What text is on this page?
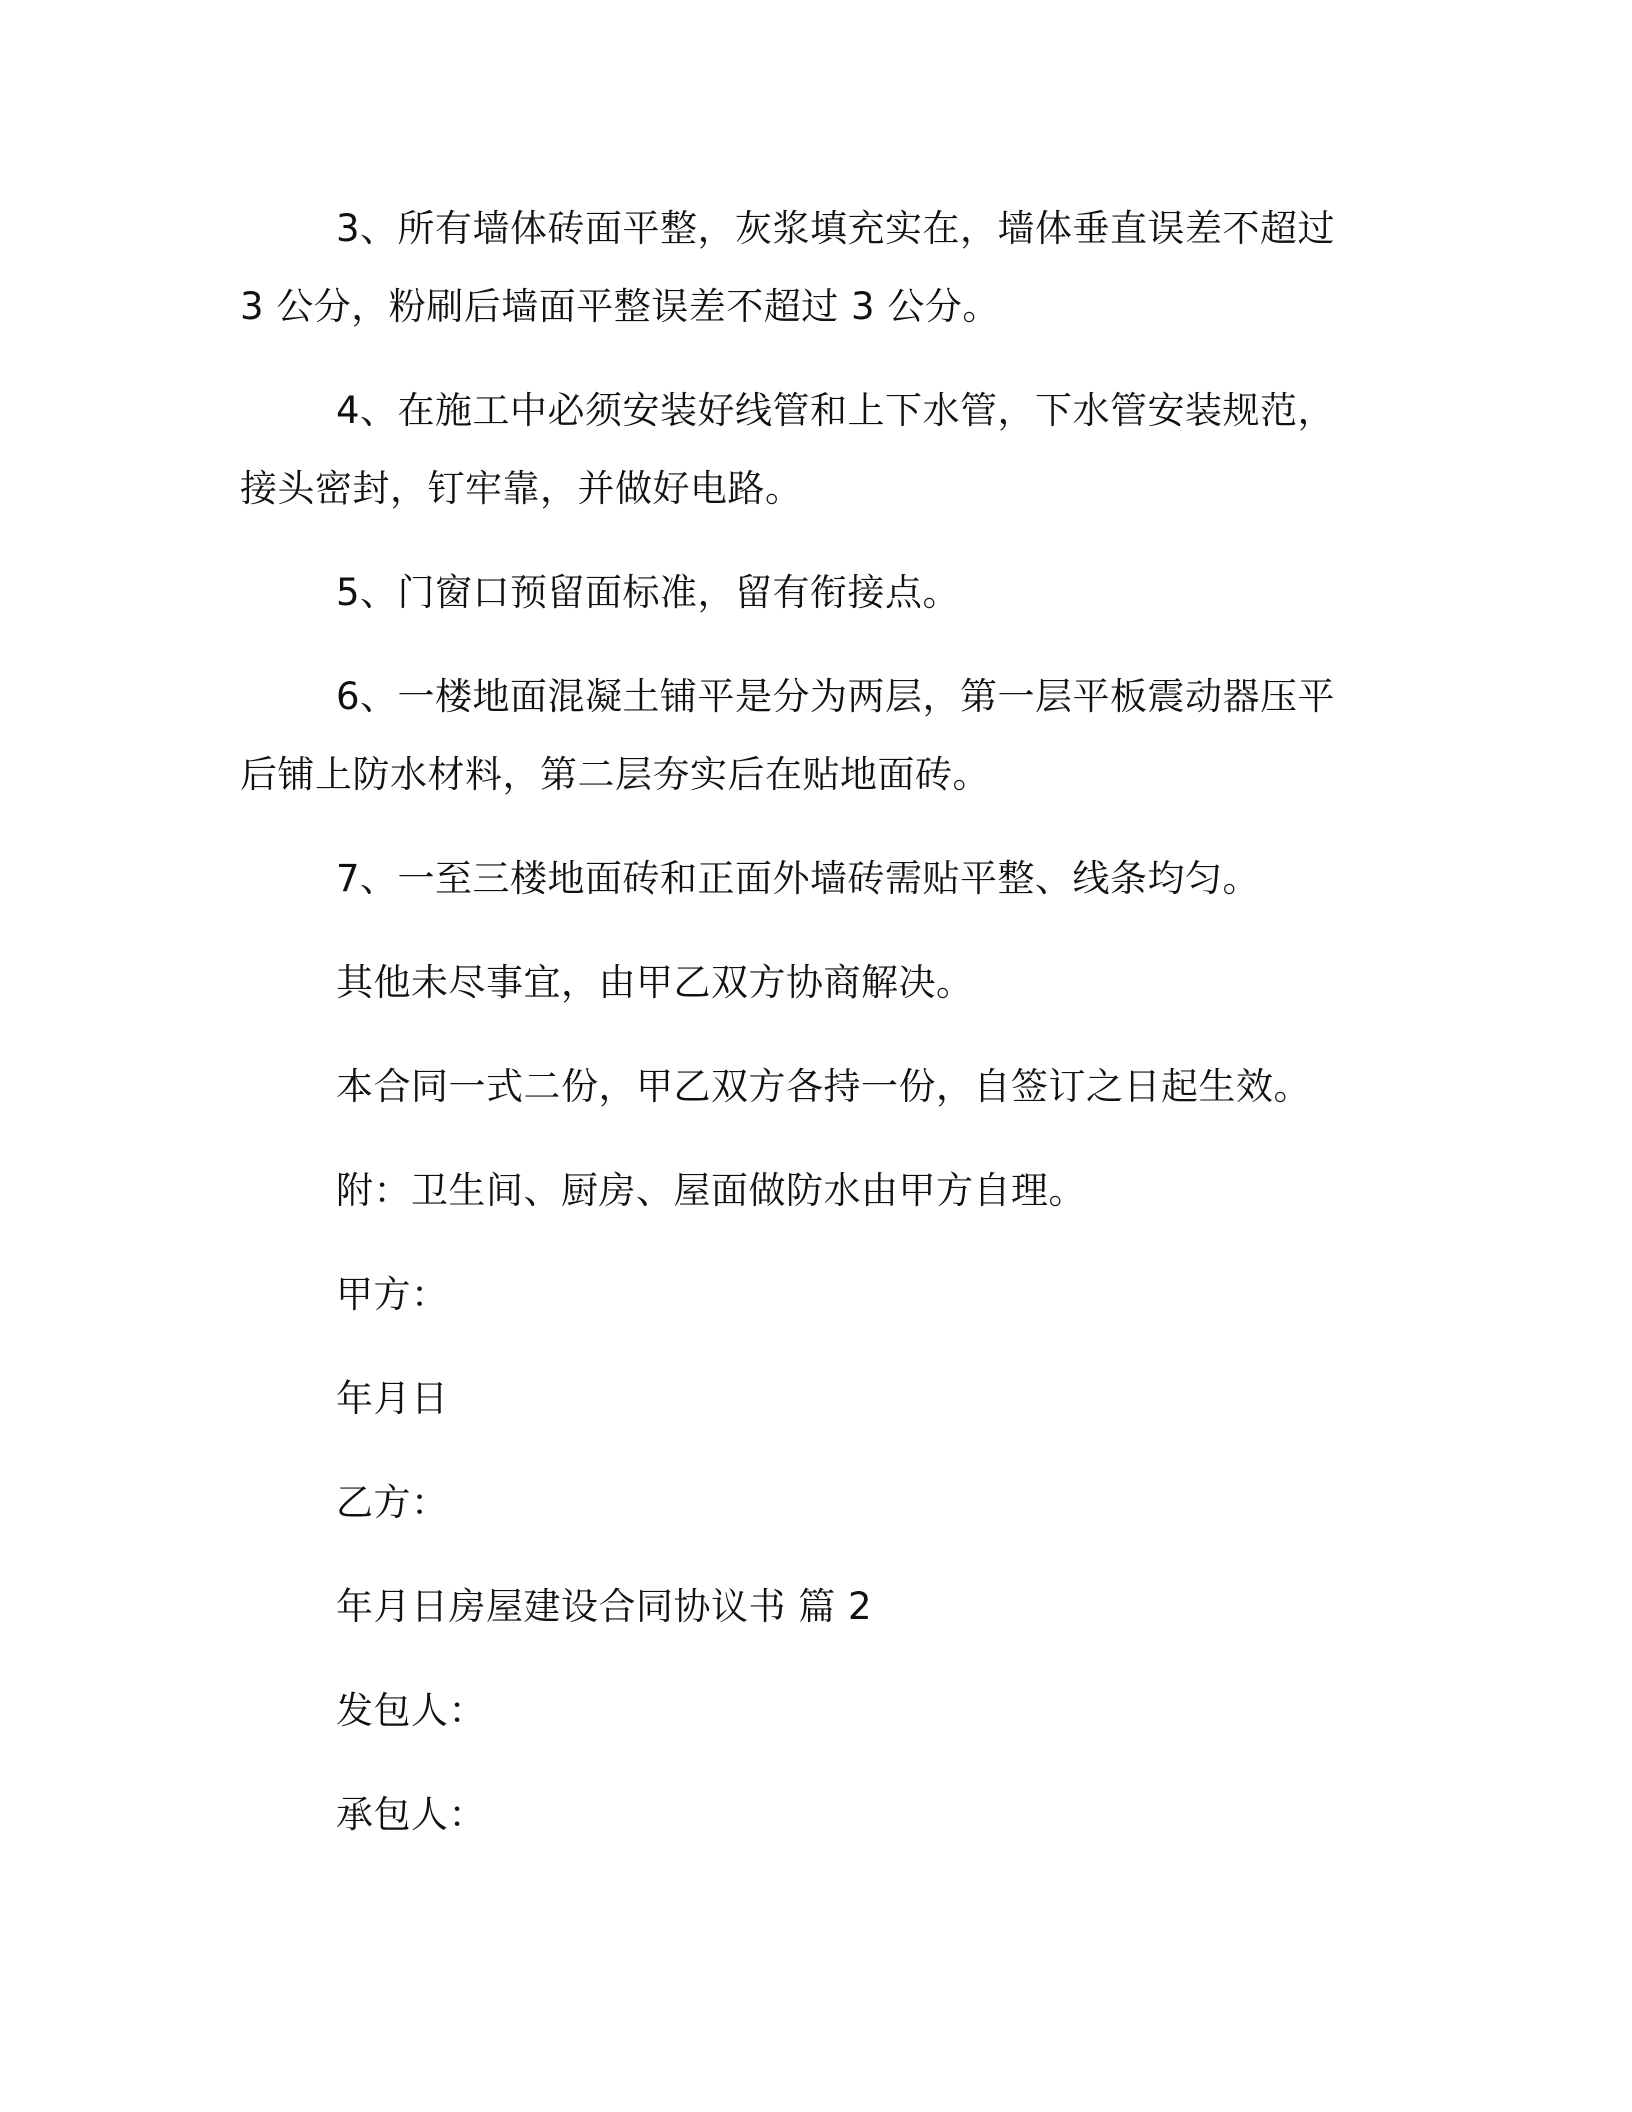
3、所有墙体砖面平整，灰浆填充实在，墙体垂直误差不超过 3 公分，粉刷后墙面平整误差不超过 3 公分。

4、在施工中必须安装好线管和上下水管，下水管安装规范，接头密封，钉牢靠，并做好电路。

5、门窗口预留面标准，留有衔接点。

6、一楼地面混凝土铺平是分为两层，第一层平板震动器压平后铺上防水材料，第二层夯实后在贴地面砖。

7、一至三楼地面砖和正面外墙砖需贴平整、线条均匀。

其他未尽事宜，由甲乙双方协商解决。

本合同一式二份，甲乙双方各持一份，自签订之日起生效。

附：卫生间、厨房、屋面做防水由甲方自理。

甲方：

年月日

乙方：

年月日房屋建设合同协议书 篇 2

发包人：

承包人：
